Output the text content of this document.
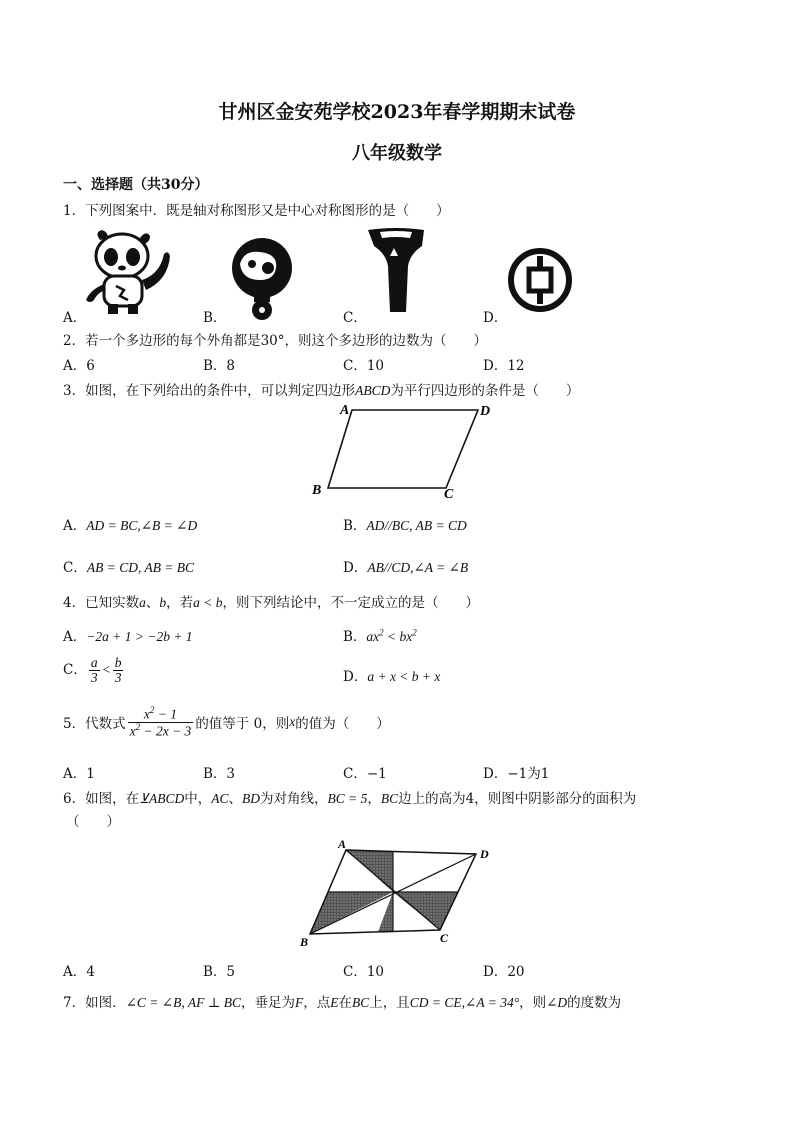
甘州区金安苑学校2023年春学期期末试卷
八年级数学
一、选择题（共30分）
1．下列图案中．既是轴对称图形又是中心对称图形的是（　　）
A．	B．	C．	D．
2．若一个多边形的每个外角都是30°，则这个多边形的边数为（　　）
A．6	B．8	C．10	D．12
3．如图，在下列给出的条件中，可以判定四边形ABCD为平行四边形的条件是（　　）
A	D
B	C
A．AD = BC,∠B = ∠D	B．AD//BC, AB = CD
C．AB = CD, AB = BC	D．AB//CD,∠A = ∠B
4．已知实数a、b，若a < b，则下列结论中，不一定成立的是（　　）
A．−2a + 1 > −2b + 1	B．$ax^2 < bx^2$
C． $\frac{a}{3} < \frac{b}{3}$	D．a + x < b + x
5．代数式 $\frac{x^2 - 1}{x^2 - 2x - 3}$ 的值等于 0，则x的值为（　　）
A．1	B．3	C．−1	D．−1为1
6．如图，在⊻ABCD中，AC、BD为对角线，BC = 5，BC边上的高为4，则图中阴影部分的面积为
（　　）
A
D
B	C
A．4	B．5	C．10	D．20
7．如图．∠C = ∠B, AF ⊥ BC，垂足为F，点E在BC上，且CD = CE,∠A = 34°，则∠D的度数为
